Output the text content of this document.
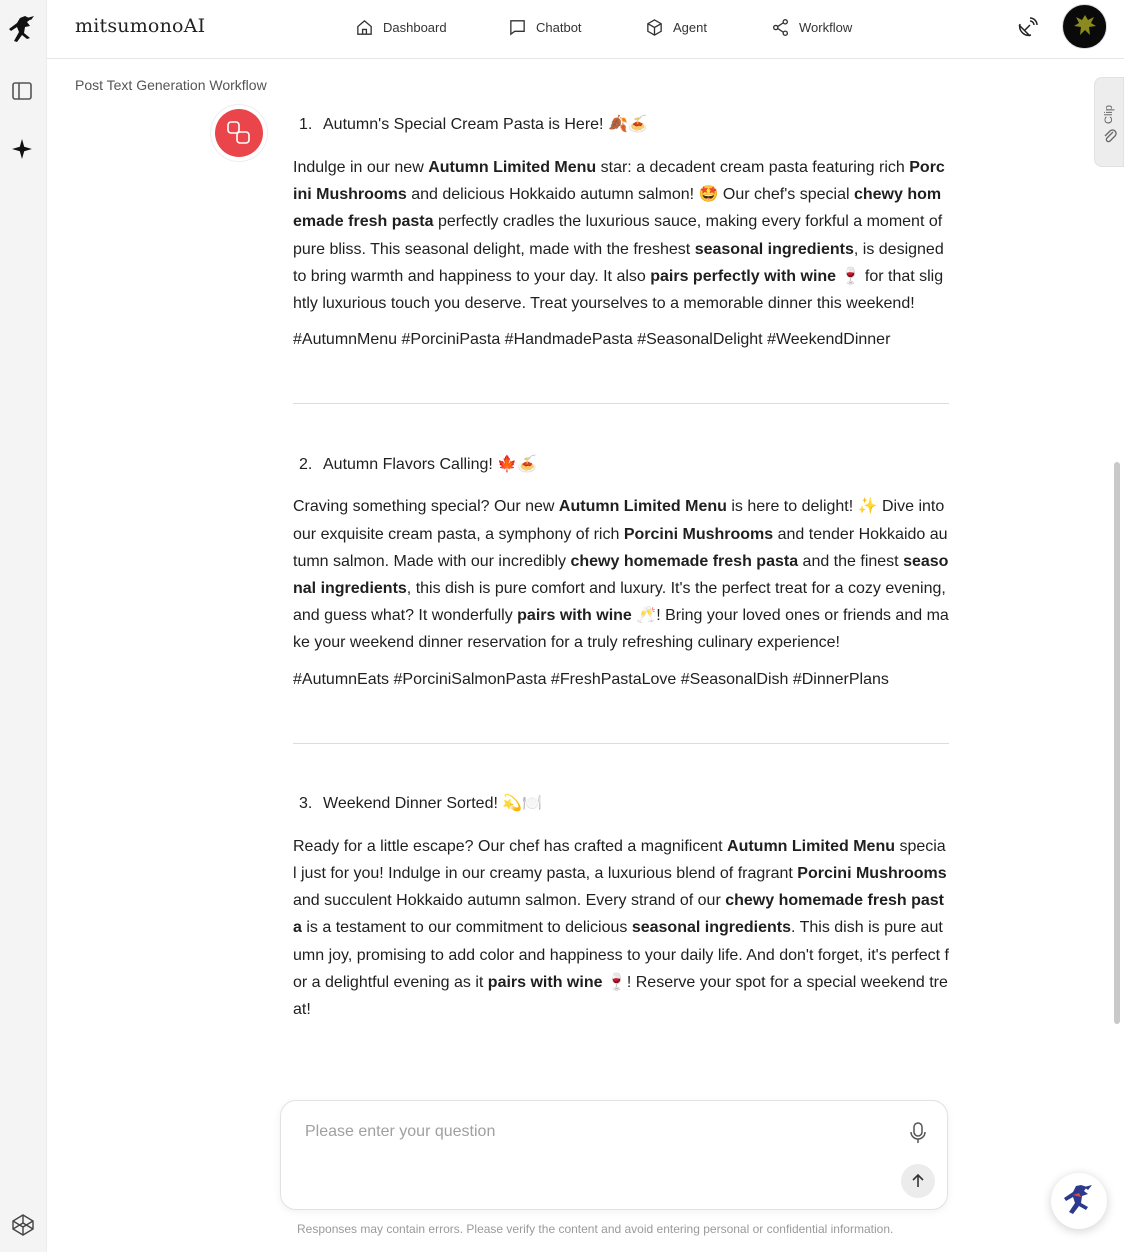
mitsumonoAI	Dashboard	Chatbot	Agent	Workflow
Post Text Generation Workflow
Clip
1. Autumn's Special Cream Pasta is Here! 🍂🍝
Indulge in our new Autumn Limited Menu star: a decadent cream pasta featuring rich Porcini Mushrooms and delicious Hokkaido autumn salmon! 🤩 Our chef's special chewy homemade fresh pasta perfectly cradles the luxurious sauce, making every forkful a moment of pure bliss. This seasonal delight, made with the freshest seasonal ingredients, is designed to bring warmth and happiness to your day. It also pairs perfectly with wine 🍷 for that slightly luxurious touch you deserve. Treat yourselves to a memorable dinner this weekend!
#AutumnMenu #PorciniPasta #HandmadePasta #SeasonalDelight #WeekendDinner
2. Autumn Flavors Calling! 🍁🍝
Craving something special? Our new Autumn Limited Menu is here to delight! ✨ Dive into our exquisite cream pasta, a symphony of rich Porcini Mushrooms and tender Hokkaido autumn salmon. Made with our incredibly chewy homemade fresh pasta and the finest seasonal ingredients, this dish is pure comfort and luxury. It's the perfect treat for a cozy evening, and guess what? It wonderfully pairs with wine 🥂! Bring your loved ones or friends and make your weekend dinner reservation for a truly refreshing culinary experience!
#AutumnEats #PorciniSalmonPasta #FreshPastaLove #SeasonalDish #DinnerPlans
3. Weekend Dinner Sorted! 💫🍽️
Ready for a little escape? Our chef has crafted a magnificent Autumn Limited Menu special just for you! Indulge in our creamy pasta, a luxurious blend of fragrant Porcini Mushrooms and succulent Hokkaido autumn salmon. Every strand of our chewy homemade fresh pasta is a testament to our commitment to delicious seasonal ingredients. This dish is pure autumn joy, promising to add color and happiness to your daily life. And don't forget, it's perfect for a delightful evening as it pairs with wine 🍷! Reserve your spot for a special weekend treat!
Please enter your question
Responses may contain errors. Please verify the content and avoid entering personal or confidential information.
